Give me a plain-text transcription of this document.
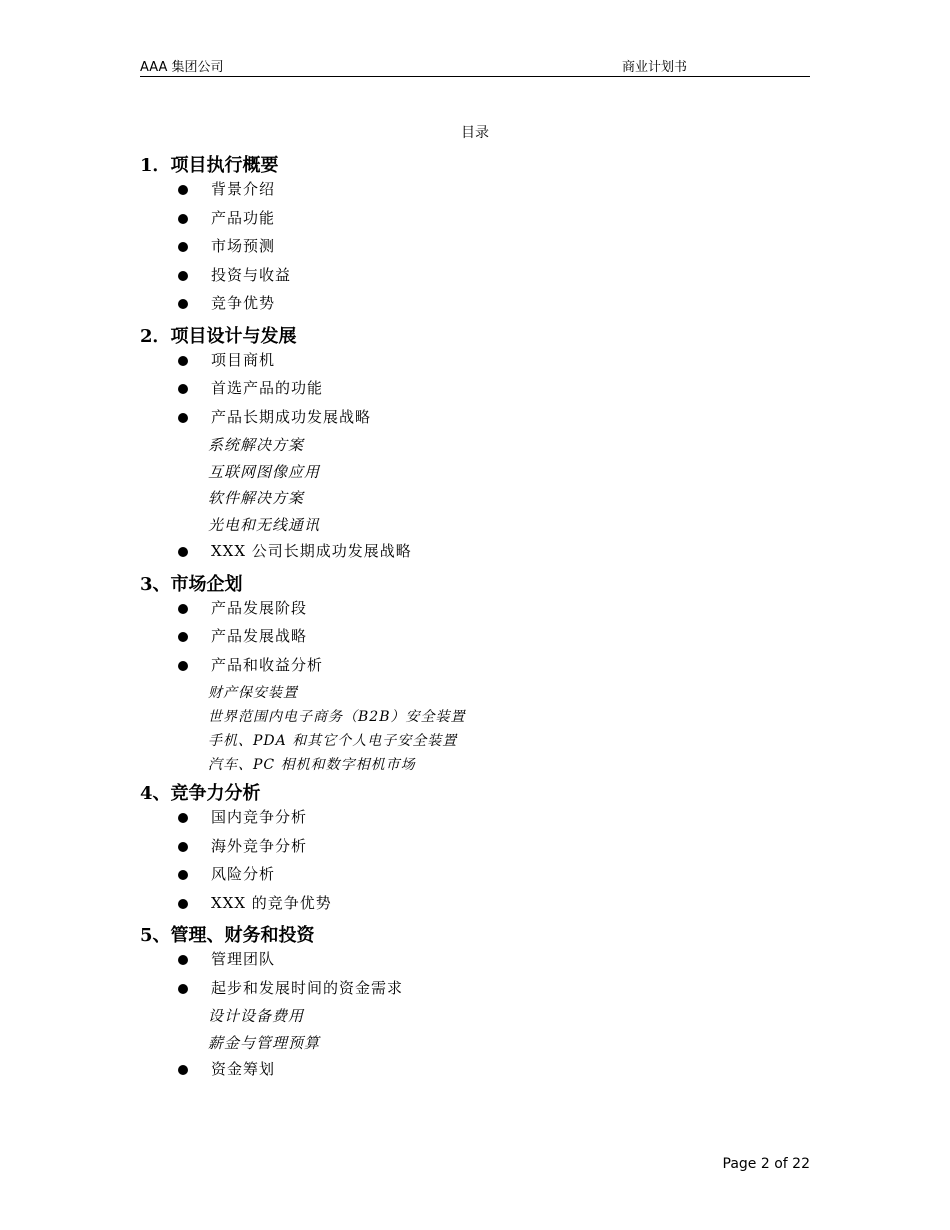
AAA 集团公司	商业计划书
目录
1．项目执行概要
背景介绍
产品功能
市场预测
投资与收益
竞争优势
2．项目设计与发展
项目商机
首选产品的功能
产品长期成功发展战略
系统解决方案
互联网图像应用
软件解决方案
光电和无线通讯
XXX 公司长期成功发展战略
3、市场企划
产品发展阶段
产品发展战略
产品和收益分析
财产保安装置
世界范围内电子商务（B2B）安全装置
手机、PDA 和其它个人电子安全装置
汽车、PC 相机和数字相机市场
4、竞争力分析
国内竞争分析
海外竞争分析
风险分析
XXX 的竞争优势
5、管理、财务和投资
管理团队
起步和发展时间的资金需求
设计设备费用
薪金与管理预算
资金筹划
Page 2 of 22
